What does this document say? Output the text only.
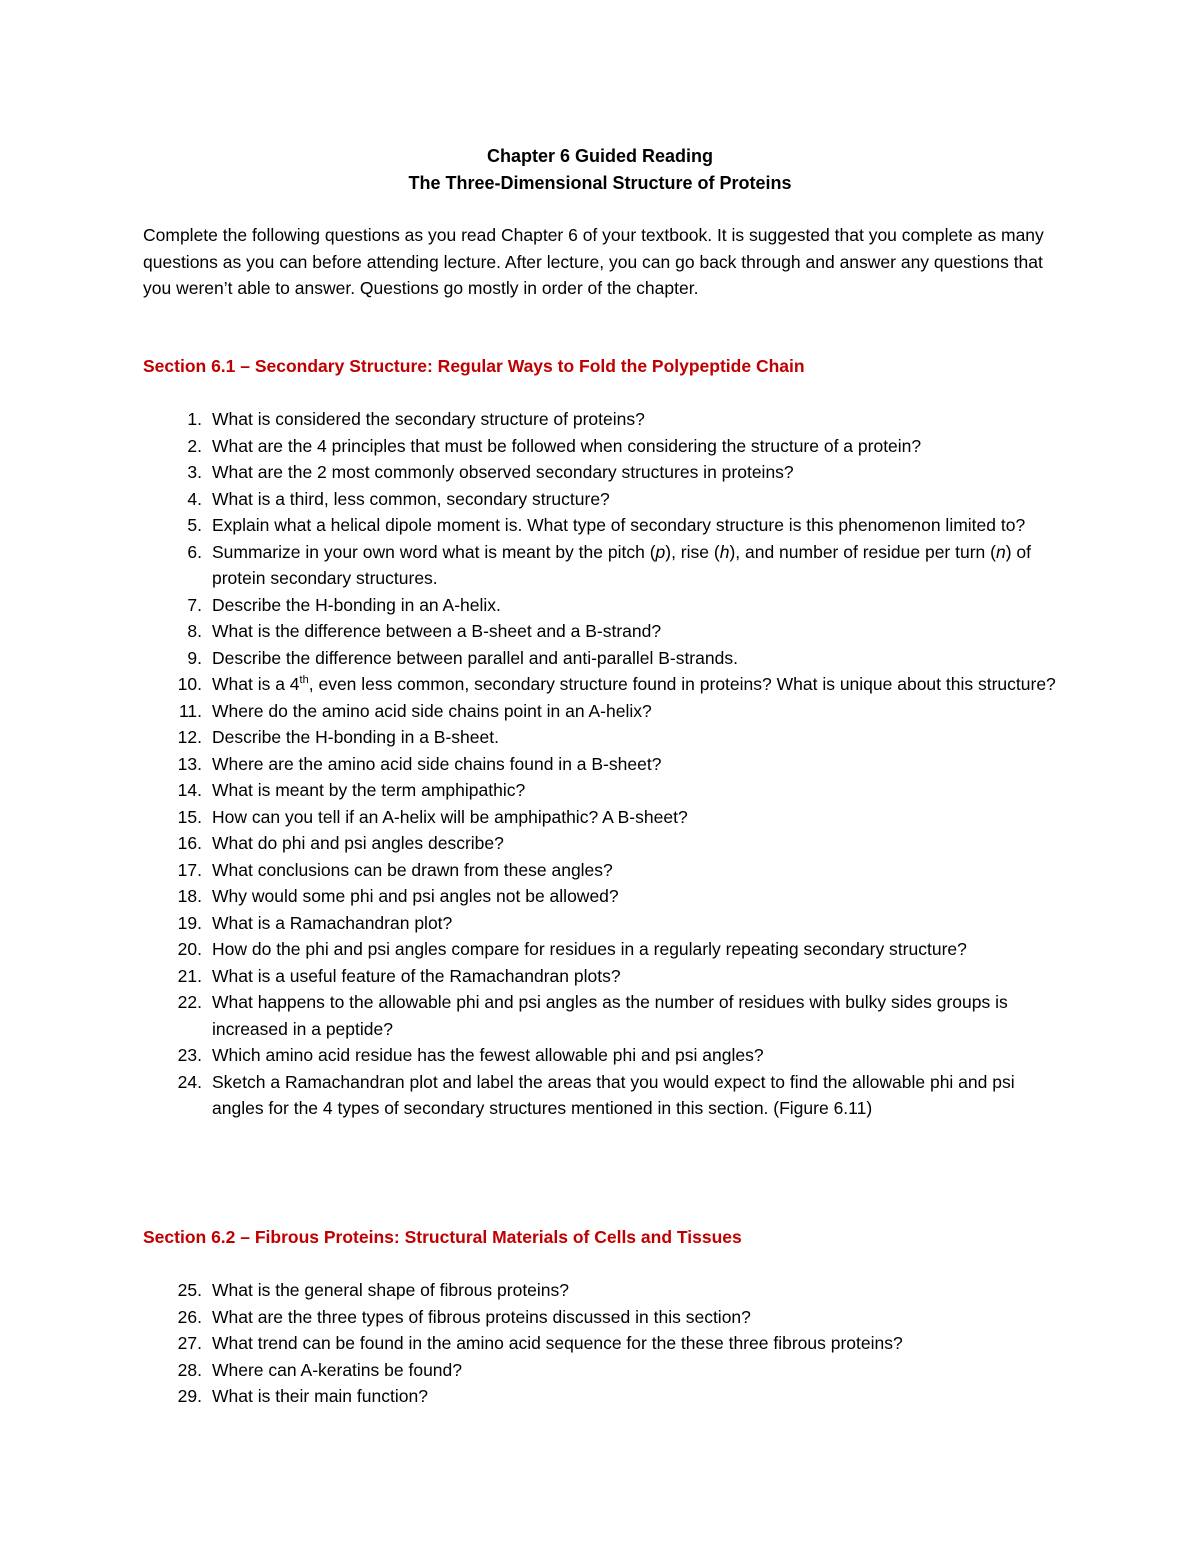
Chapter 6 Guided Reading
The Three-Dimensional Structure of Proteins
Complete the following questions as you read Chapter 6 of your textbook. It is suggested that you complete as many questions as you can before attending lecture. After lecture, you can go back through and answer any questions that you weren’t able to answer. Questions go mostly in order of the chapter.
Section 6.1 – Secondary Structure: Regular Ways to Fold the Polypeptide Chain
1. What is considered the secondary structure of proteins?
2. What are the 4 principles that must be followed when considering the structure of a protein?
3. What are the 2 most commonly observed secondary structures in proteins?
4. What is a third, less common, secondary structure?
5. Explain what a helical dipole moment is. What type of secondary structure is this phenomenon limited to?
6. Summarize in your own word what is meant by the pitch (p), rise (h), and number of residue per turn (n) of protein secondary structures.
7. Describe the H-bonding in an A-helix.
8. What is the difference between a B-sheet and a B-strand?
9. Describe the difference between parallel and anti-parallel B-strands.
10. What is a 4th, even less common, secondary structure found in proteins? What is unique about this structure?
11. Where do the amino acid side chains point in an A-helix?
12. Describe the H-bonding in a B-sheet.
13. Where are the amino acid side chains found in a B-sheet?
14. What is meant by the term amphipathic?
15. How can you tell if an A-helix will be amphipathic? A B-sheet?
16. What do phi and psi angles describe?
17. What conclusions can be drawn from these angles?
18. Why would some phi and psi angles not be allowed?
19. What is a Ramachandran plot?
20. How do the phi and psi angles compare for residues in a regularly repeating secondary structure?
21. What is a useful feature of the Ramachandran plots?
22. What happens to the allowable phi and psi angles as the number of residues with bulky sides groups is increased in a peptide?
23. Which amino acid residue has the fewest allowable phi and psi angles?
24. Sketch a Ramachandran plot and label the areas that you would expect to find the allowable phi and psi angles for the 4 types of secondary structures mentioned in this section. (Figure 6.11)
Section 6.2 – Fibrous Proteins: Structural Materials of Cells and Tissues
25. What is the general shape of fibrous proteins?
26. What are the three types of fibrous proteins discussed in this section?
27. What trend can be found in the amino acid sequence for the these three fibrous proteins?
28. Where can A-keratins be found?
29. What is their main function?
